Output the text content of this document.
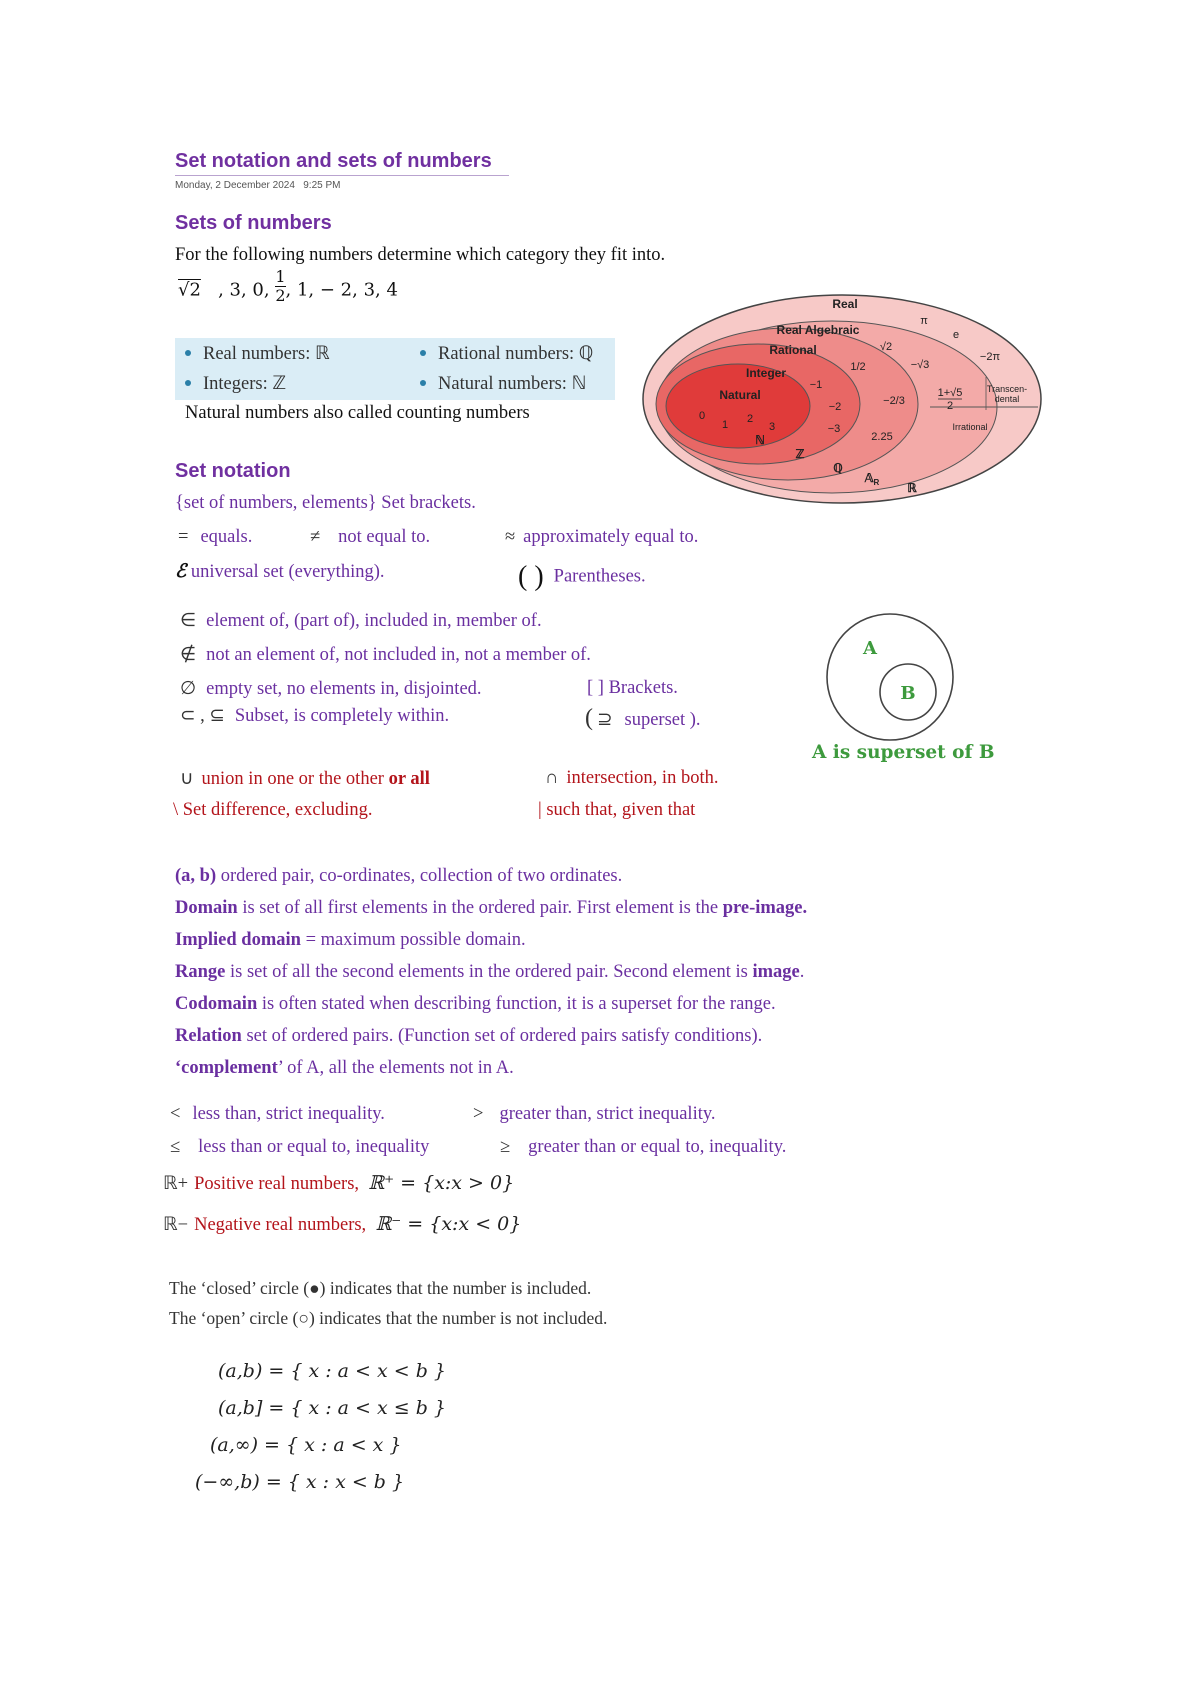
Set notation and sets of numbers
Monday, 2 December 2024 9:25 PM
Sets of numbers
For the following numbers determine which category they fit into.
√2 , 3, 0, $\frac{1}{2}$ , 1, − 2, 3, 4
Real numbers: ℝ	Rational numbers: ℚ
Integers: ℤ	Natural numbers: ℕ
Natural numbers also called counting numbers
Real
Real Algebraic
Rational
Integer
Natural	Transcen-dental
Irrational
π
e
√2
−2π
1/2	−√3
−1
−2	−2/3
1+√5
2
0
1 2
3	−3
2.25
ℕ
ℤ
ℚ
𝔸$_R$ ℝ
Set notation
{set of numbers, elements} Set brackets.
= equals.	≠ not equal to.	≈ approximately equal to.
ℰ universal set (everything).	( ) Parentheses.
∈ element of, (part of), included in, member of.
∉ not an element of, not included in, not a member of.
∅ empty set, no elements in, disjointed.	[ ] Brackets.
⊂ , ⊆ Subset, is completely within.	( ⊇ superset ).
A
B
A is superset of B
∪ union in one or the other or all	∩ intersection, in both.
\ Set difference, excluding.	| such that, given that
(a, b) ordered pair, co-ordinates, collection of two ordinates.
Domain is set of all first elements in the ordered pair. First element is the pre-image.
Implied domain = maximum possible domain.
Range is set of all the second elements in the ordered pair. Second element is image.
Codomain is often stated when describing function, it is a superset for the range.
Relation set of ordered pairs. (Function set of ordered pairs satisfy conditions).
‘complement’ of A, all the elements not in A.
< less than, strict inequality.	> greater than, strict inequality.
≤ less than or equal to, inequality	≥ greater than or equal to, inequality.
ℝ+ Positive real numbers, ℝ⁺ = {x:x > 0}
ℝ− Negative real numbers, ℝ⁻ = {x:x < 0}
The ‘closed’ circle (●) indicates that the number is included.
The ‘open’ circle (○) indicates that the number is not included.
(a,b) = { x : a < x < b }
(a,b] = { x : a < x ≤ b }
(a,∞) = { x : a < x }
(−∞,b) = { x : x < b }
